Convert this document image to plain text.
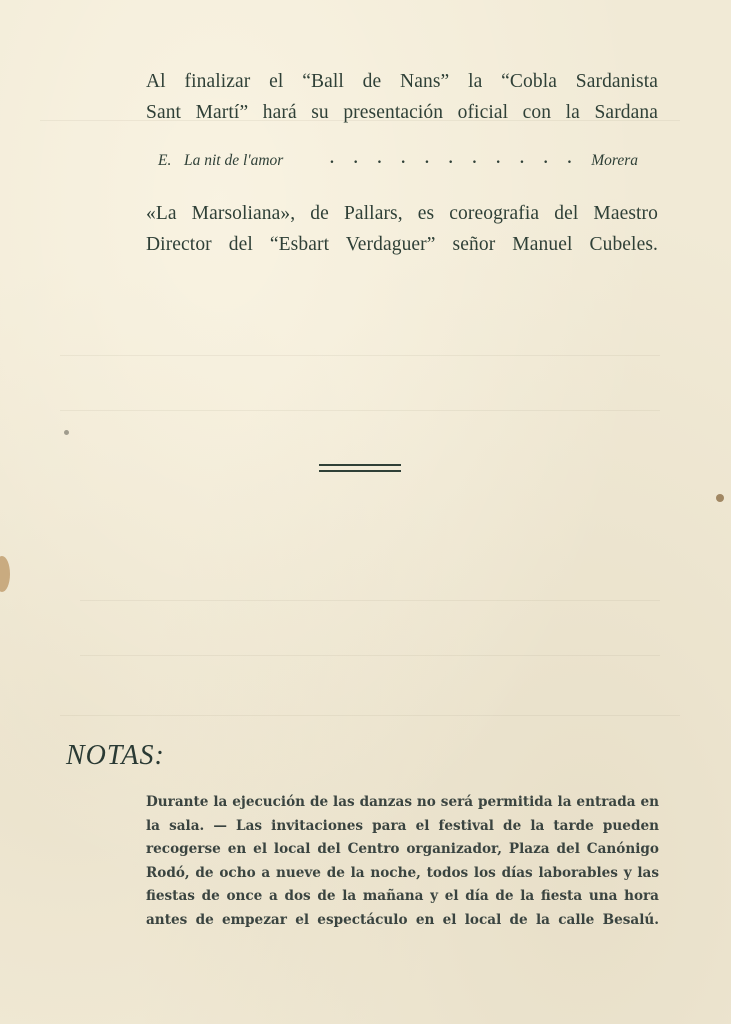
Al finalizar el “Ball de Nans” la “Cobla Sardanista
Sant Martí” hará su presentación oficial con la Sardana
E. La nit de l'amor	. . . . . . . . . . . Morera
«La Marsoliana», de Pallars, es coreografia del Maestro
Director del “Esbart Verdaguer” señor Manuel Cubeles.
NOTAS:
Durante la ejecución de las danzas no será permitida la entrada en
la sala. — Las invitaciones para el festival de la tarde pueden
recogerse en el local del Centro organizador, Plaza del Canónigo
Rodó, de ocho a nueve de la noche, todos los días laborables y las
fiestas de once a dos de la mañana y el día de la fiesta una hora
antes de empezar el espectáculo en el local de la calle Besalú.
